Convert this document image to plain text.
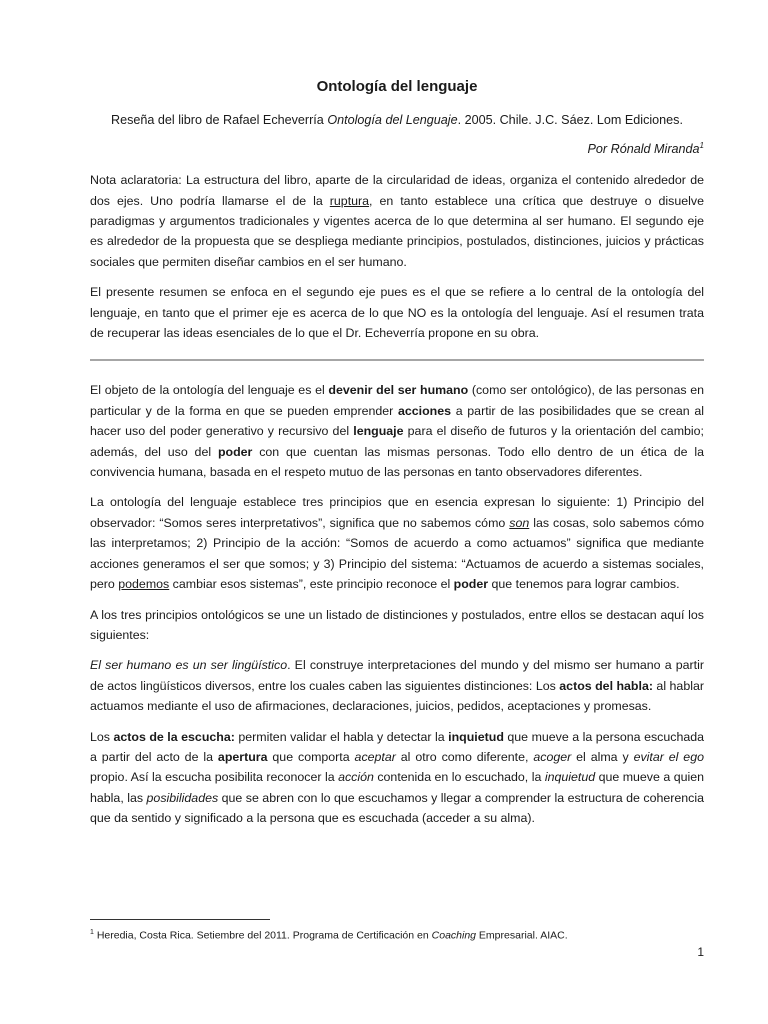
Ontología del lenguaje
Reseña del libro de Rafael Echeverría Ontología del Lenguaje. 2005. Chile. J.C. Sáez. Lom Ediciones.
Por Rónald Miranda$^1$

Nota aclaratoria: La estructura del libro, aparte de la circularidad de ideas, organiza el contenido alrededor de dos ejes. Uno podría llamarse el de la ruptura, en tanto establece una crítica que destruye o disuelve paradigmas y argumentos tradicionales y vigentes acerca de lo que determina al ser humano. El segundo eje es alrededor de la propuesta que se despliega mediante principios, postulados, distinciones, juicios y prácticas sociales que permiten diseñar cambios en el ser humano.

El presente resumen se enfoca en el segundo eje pues es el que se refiere a lo central de la ontología del lenguaje, en tanto que el primer eje es acerca de lo que NO es la ontología del lenguaje. Así el resumen trata de recuperar las ideas esenciales de lo que el Dr. Echeverría propone en su obra.

El objeto de la ontología del lenguaje es el devenir del ser humano (como ser ontológico), de las personas en particular y de la forma en que se pueden emprender acciones a partir de las posibilidades que se crean al hacer uso del poder generativo y recursivo del lenguaje para el diseño de futuros y la orientación del cambio; además, del uso del poder con que cuentan las mismas personas. Todo ello dentro de un ética de la convivencia humana, basada en el respeto mutuo de las personas en tanto observadores diferentes.

La ontología del lenguaje establece tres principios que en esencia expresan lo siguiente: 1) Principio del observador: “Somos seres interpretativos”, significa que no sabemos cómo son las cosas, solo sabemos cómo las interpretamos; 2) Principio de la acción: “Somos de acuerdo a como actuamos” significa que mediante acciones generamos el ser que somos; y 3) Principio del sistema: “Actuamos de acuerdo a sistemas sociales, pero podemos cambiar esos sistemas”, este principio reconoce el poder que tenemos para lograr cambios.

A los tres principios ontológicos se une un listado de distinciones y postulados, entre ellos se destacan aquí los siguientes:

El ser humano es un ser lingüístico. El construye interpretaciones del mundo y del mismo ser humano a partir de actos lingüísticos diversos, entre los cuales caben las siguientes distinciones: Los actos del habla: al hablar actuamos mediante el uso de afirmaciones, declaraciones, juicios, pedidos, aceptaciones y promesas.

Los actos de la escucha: permiten validar el habla y detectar la inquietud que mueve a la persona escuchada a partir del acto de la apertura que comporta aceptar al otro como diferente, acoger el alma y evitar el ego propio. Así la escucha posibilita reconocer la acción contenida en lo escuchado, la inquietud que mueve a quien habla, las posibilidades que se abren con lo que escuchamos y llegar a comprender la estructura de coherencia que da sentido y significado a la persona que es escuchada (acceder a su alma).

$^1$ Heredia, Costa Rica. Setiembre del 2011. Programa de Certificación en Coaching Empresarial. AIAC.
1
